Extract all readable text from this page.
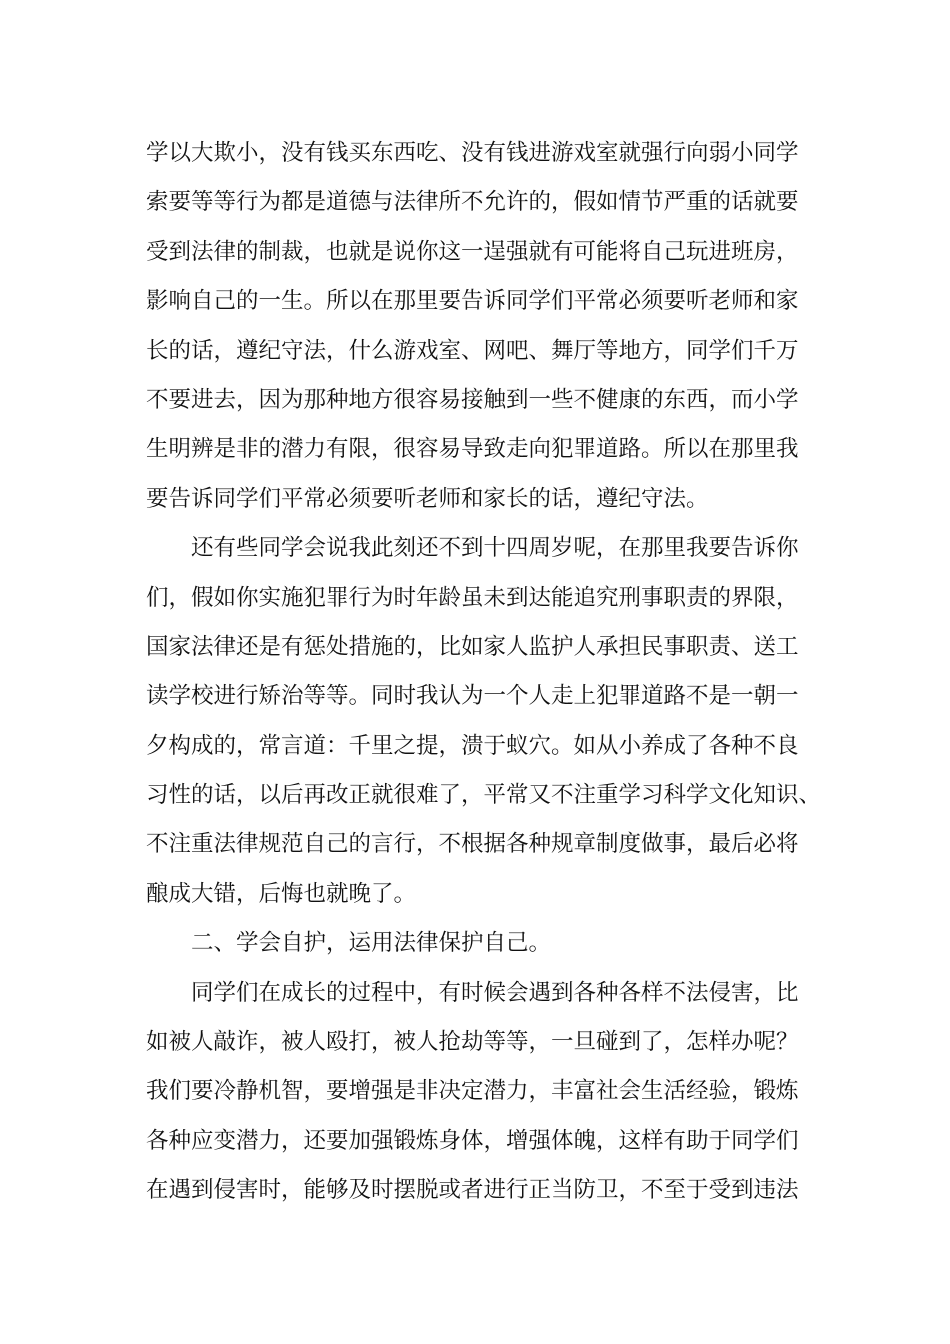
学以大欺小，没有钱买东西吃、没有钱进游戏室就强行向弱小同学
索要等等行为都是道德与法律所不允许的，假如情节严重的话就要
受到法律的制裁，也就是说你这一逞强就有可能将自己玩进班房，
影响自己的一生。所以在那里要告诉同学们平常必须要听老师和家
长的话，遵纪守法，什么游戏室、网吧、舞厅等地方，同学们千万
不要进去，因为那种地方很容易接触到一些不健康的东西，而小学
生明辨是非的潜力有限，很容易导致走向犯罪道路。所以在那里我
要告诉同学们平常必须要听老师和家长的话，遵纪守法。
还有些同学会说我此刻还不到十四周岁呢，在那里我要告诉你
们，假如你实施犯罪行为时年龄虽未到达能追究刑事职责的界限，
国家法律还是有惩处措施的，比如家人监护人承担民事职责、送工
读学校进行矫治等等。同时我认为一个人走上犯罪道路不是一朝一
夕构成的，常言道：千里之提，溃于蚁穴。如从小养成了各种不良
习性的话，以后再改正就很难了，平常又不注重学习科学文化知识、
不注重法律规范自己的言行，不根据各种规章制度做事，最后必将
酿成大错，后悔也就晚了。
二、学会自护，运用法律保护自己。
同学们在成长的过程中，有时候会遇到各种各样不法侵害，比
如被人敲诈，被人殴打，被人抢劫等等，一旦碰到了，怎样办呢？
我们要冷静机智，要增强是非决定潜力，丰富社会生活经验，锻炼
各种应变潜力，还要加强锻炼身体，增强体魄，这样有助于同学们
在遇到侵害时，能够及时摆脱或者进行正当防卫，不至于受到违法
